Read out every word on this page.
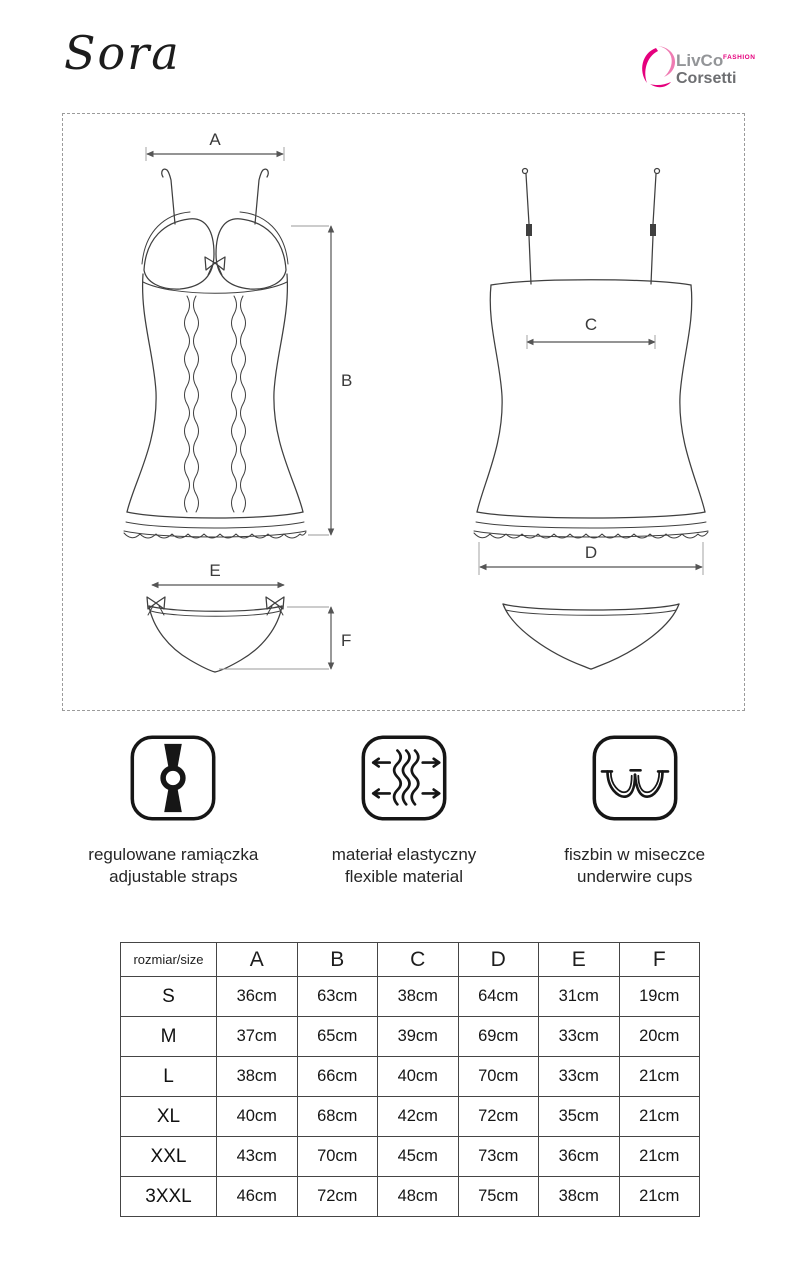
Sora	LivCo FASHION
Corsetti
A
B
C
D
E
F
regulowane ramiączka
adjustable straps
materiał elastyczny
flexible material
fiszbin w miseczce
underwire cups
rozmiar/size	A	B	C	D	E	F
S	36cm	63cm	38cm	64cm	31cm	19cm
M	37cm	65cm	39cm	69cm	33cm	20cm
L	38cm	66cm	40cm	70cm	33cm	21cm
XL	40cm	68cm	42cm	72cm	35cm	21cm
XXL	43cm	70cm	45cm	73cm	36cm	21cm
3XXL	46cm	72cm	48cm	75cm	38cm	21cm
